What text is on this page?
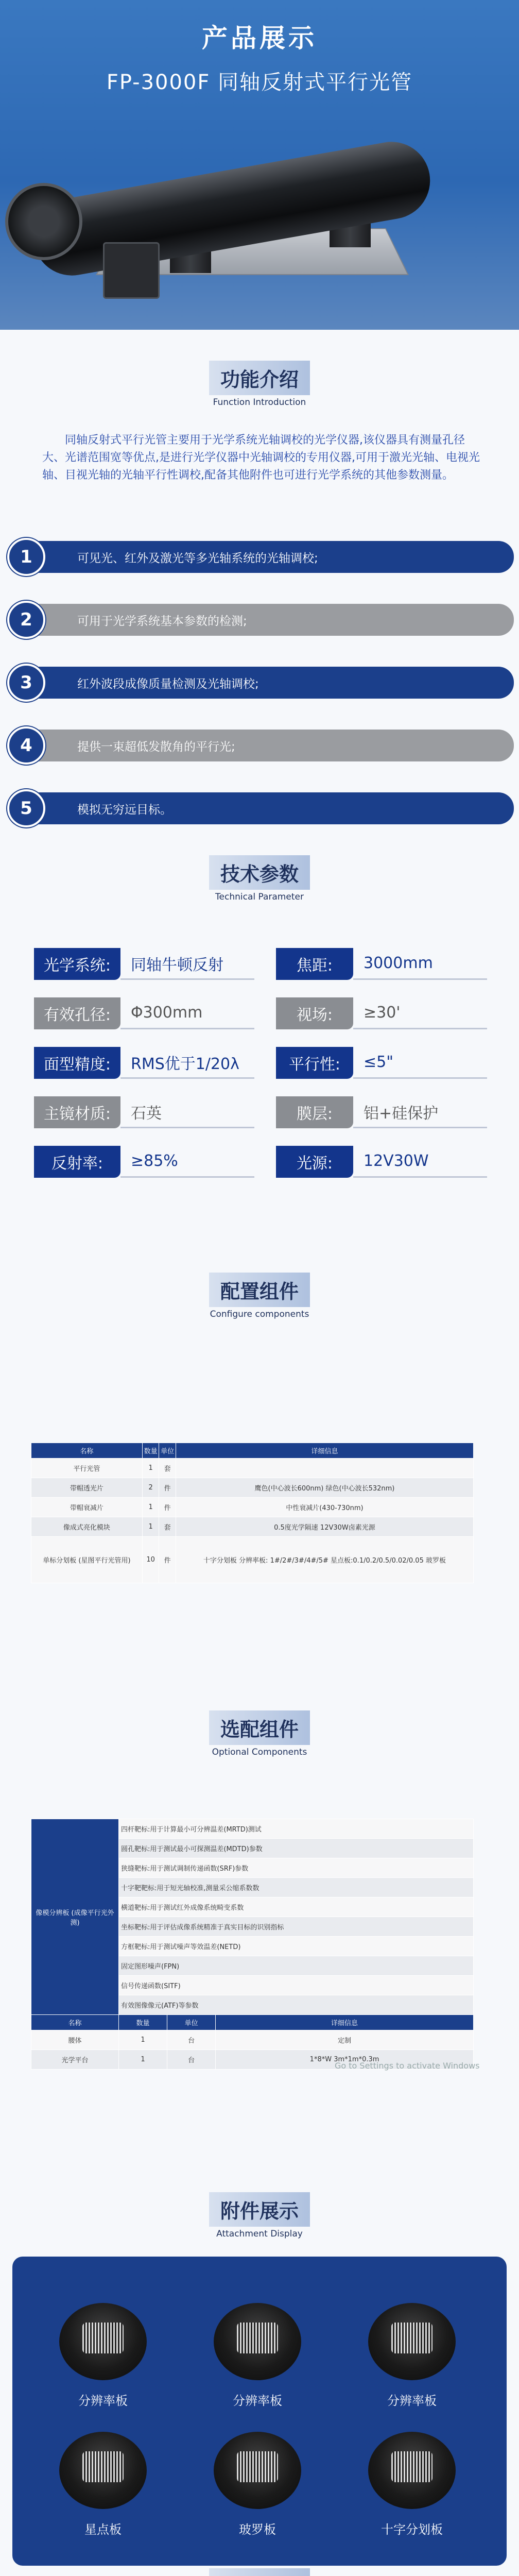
产品展示
FP-3000F 同轴反射式平行光管
功能介绍
Function Introduction
同轴反射式平行光管主要用于光学系统光轴调校的光学仪器,该仪器具有测量孔径大、光谱范围宽等优点,是进行光学仪器中光轴调校的专用仪器,可用于激光光轴、电视光轴、目视光轴的光轴平行性调校,配备其他附件也可进行光学系统的其他参数测量。
可见光、红外及激光等多光轴系统的光轴调校;
1
可用于光学系统基本参数的检测;
2
红外波段成像质量检测及光轴调校;
3
提供一束超低发散角的平行光;
4
模拟无穷远目标。
5
技术参数
Technical Parameter
光学系统:	同轴牛顿反射	焦距:	3000mm
有效孔径:	Φ300mm	视场:	≥30'
面型精度:	RMS优于1/20λ	平行性:	≤5"
主镜材质:	石英	膜层:	铝+硅保护
反射率:	≥85%	光源:	12V30W
配置组件
Configure components
名称	数量	单位	详细信息
平行光管	1	套	
带帽透光片	2	件	鹰色(中心波长600nm) 绿色(中心波长532nm)
带帽衰减片	1	件	中性衰减片(430-730nm)
像成式亮化模块	1	套	0.5度光学隔速 12V30W卤素光源
单标分划板 (星图平行光管用)	10	件	十字分划板 分辨率板: 1#/2#/3#/4#/5# 星点板:0.1/0.2/0.5/0.02/0.05 玻罗板
选配组件
Optional Components
像模分辨板 (成像平行光外测)	四杆靶标:用于计算最小可分辨温差(MRTD)测试		
	圆孔靶标:用于测试最小可探测温差(MDTD)参数		
	狭缝靶标:用于测试调制传递函数(SRF)参数		
	十字靶靶标:用于短光轴校准,测量采公缩系数数		
	横道靶标:用于测试红外成像系统畸变系数		
	坐标靶标:用于评估成像系统精准于真实目标的识别指标		
	方框靶标:用于测试噪声等效温差(NETD)		
	固定图形噪声(FPN)		
	信号传递函数(SITF)		
	有效图像像元(ATF)等参数		
名称	数量	单位	详细信息
腰体	1	台	定制
光学平台	1	台	1*8*W 3m*1m*0.3m
Go to Settings to activate Windows
附件展示
Attachment Display
分辨率板	分辨率板	分辨率板
星点板	玻罗板	十字分划板
